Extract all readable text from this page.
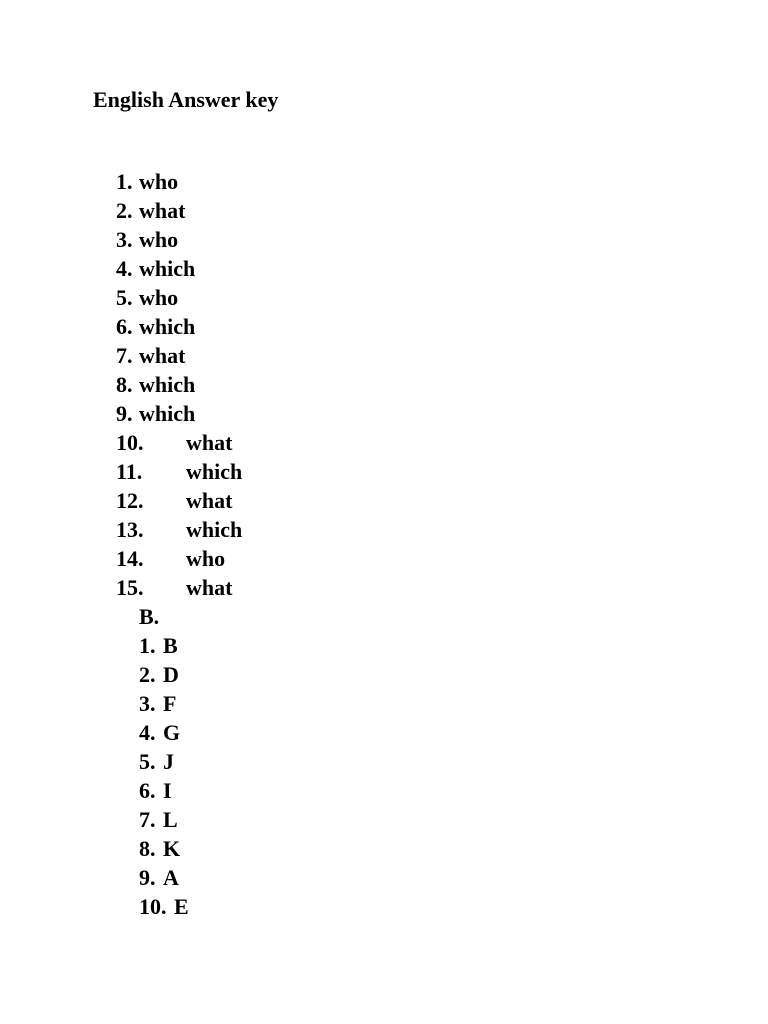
English Answer key
1. who
2. what
3. who
4. which
5. who
6. which
7. what
8. which
9. which
10. what
11. which
12. what
13. which
14. who
15. what
B.
1. B
2. D
3. F
4. G
5. J
6. I
7. L
8. K
9. A
10. E
